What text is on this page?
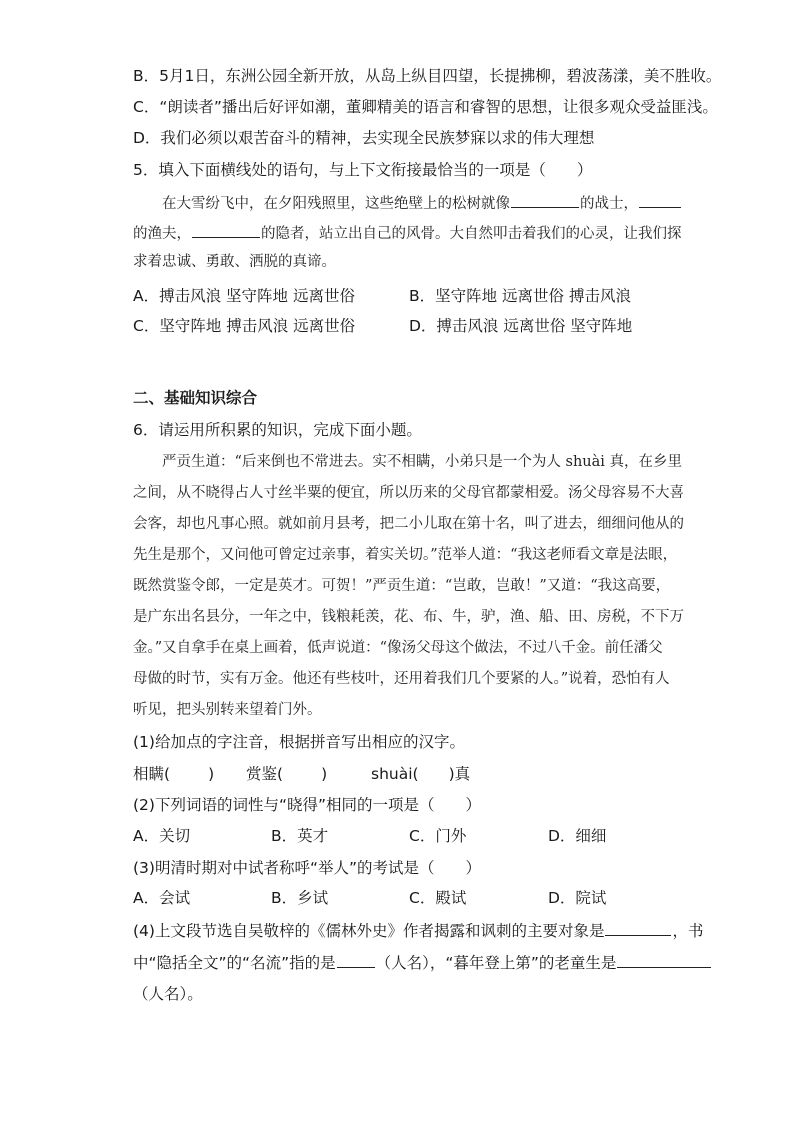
B．5月1日，东洲公园全新开放，从岛上纵目四望，长提拂柳，碧波荡漾，美不胜收。
C．“朗读者”播出后好评如潮，董卿精美的语言和睿智的思想，让很多观众受益匪浅。
D．我们必须以艰苦奋斗的精神，去实现全民族梦寐以求的伟大理想
5．填入下面横线处的语句，与上下文衔接最恰当的一项是（　　）
在大雪纷飞中，在夕阳残照里，这些绝壁上的松树就像	的战士，
的渔夫，	的隐者，站立出自己的风骨。大自然叩击着我们的心灵，让我们探
求着忠诚、勇敢、洒脱的真谛。
A．搏击风浪 坚守阵地 远离世俗	B．坚守阵地 远离世俗 搏击风浪
C．坚守阵地 搏击风浪 远离世俗	D．搏击风浪 远离世俗 坚守阵地
二、基础知识综合
6．请运用所积累的知识，完成下面小题。
严贡生道：“后来倒也不常进去。实不相瞒，小弟只是一个为人 shuài 真，在乡里
之间，从不晓得占人寸丝半粟的便宜，所以历来的父母官都蒙相爱。汤父母容易不大喜
会客，却也凡事心照。就如前月县考，把二小儿取在第十名，叫了进去，细细问他从的
先生是那个，又问他可曾定过亲事，着实关切。”范举人道：“我这老师看文章是法眼，
既然赏鉴令郎，一定是英才。可贺！”严贡生道：“岂敢，岂敢！”又道：“我这高要，
是广东出名县分，一年之中，钱粮耗羡，花、布、牛，驴，渔、船、田、房税，不下万
金。”又自拿手在桌上画着，低声说道：“像汤父母这个做法，不过八千金。前任潘父
母做的时节，实有万金。他还有些枝叶，还用着我们几个要紧的人。”说着，恐怕有人
听见，把头别转来望着门外。
(1)给加点的字注音，根据拼音写出相应的汉字。
相瞒( ) 赏鉴( )	shuài( )真
(2)下列词语的词性与“晓得”相同的一项是（　　）
A．关切	B．英才	C．门外	D．细细
(3)明清时期对中试者称呼“举人”的考试是（　　）
A．会试	B．乡试	C．殿试	D．院试
(4)上文段节选自吴敬梓的《儒林外史》作者揭露和讽刺的主要对象是	，书
中“隐括全文”的“名流”指的是	（人名），“暮年登上第”的老童生是
（人名）。
